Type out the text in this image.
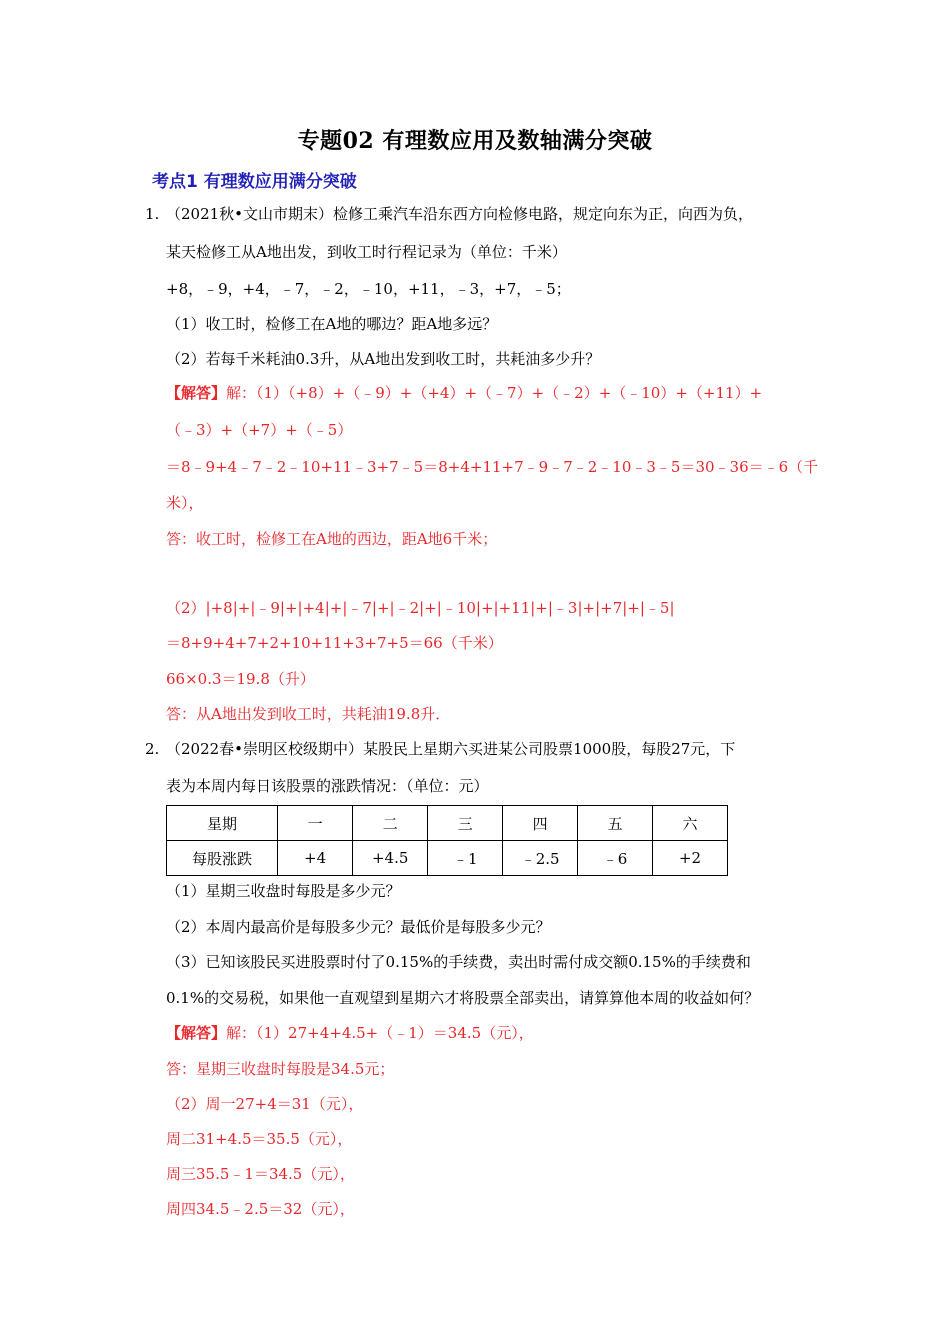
专题02 有理数应用及数轴满分突破
考点1 有理数应用满分突破
1. （2021秋•文山市期末）检修工乘汽车沿东西方向检修电路，规定向东为正，向西为负，
某天检修工从A地出发，到收工时行程记录为（单位：千米）
+8，﹣9，+4，﹣7，﹣2，﹣10，+11，﹣3，+7，﹣5；
（1）收工时，检修工在A地的哪边？距A地多远？
（2）若每千米耗油0.3升，从A地出发到收工时，共耗油多少升？
【解答】解：（1）（+8）+（﹣9）+（+4）+（﹣7）+（﹣2）+（﹣10）+（+11）+
（﹣3）+（+7）+（﹣5）
＝8﹣9+4﹣7﹣2﹣10+11﹣3+7﹣5＝8+4+11+7﹣9﹣7﹣2﹣10﹣3﹣5＝30﹣36＝﹣6（千
米），
答：收工时，检修工在A地的西边，距A地6千米；
（2）|+8|+|﹣9|+|+4|+|﹣7|+|﹣2|+|﹣10|+|+11|+|﹣3|+|+7|+|﹣5|
＝8+9+4+7+2+10+11+3+7+5＝66（千米）
66×0.3＝19.8（升）
答：从A地出发到收工时，共耗油19.8升．
2. （2022春•崇明区校级期中）某股民上星期六买进某公司股票1000股，每股27元，下
表为本周内每日该股票的涨跌情况：（单位：元）
星期	一	二	三	四	五	六
每股涨跌	+4	+4.5	﹣1	﹣2.5	﹣6	+2
（1）星期三收盘时每股是多少元？
（2）本周内最高价是每股多少元？最低价是每股多少元？
（3）已知该股民买进股票时付了0.15%的手续费，卖出时需付成交额0.15%的手续费和
0.1%的交易税，如果他一直观望到星期六才将股票全部卖出，请算算他本周的收益如何？
【解答】解：（1）27+4+4.5+（﹣1）＝34.5（元），
答：星期三收盘时每股是34.5元；
（2）周一27+4＝31（元），
周二31+4.5＝35.5（元），
周三35.5﹣1＝34.5（元），
周四34.5﹣2.5＝32（元），
